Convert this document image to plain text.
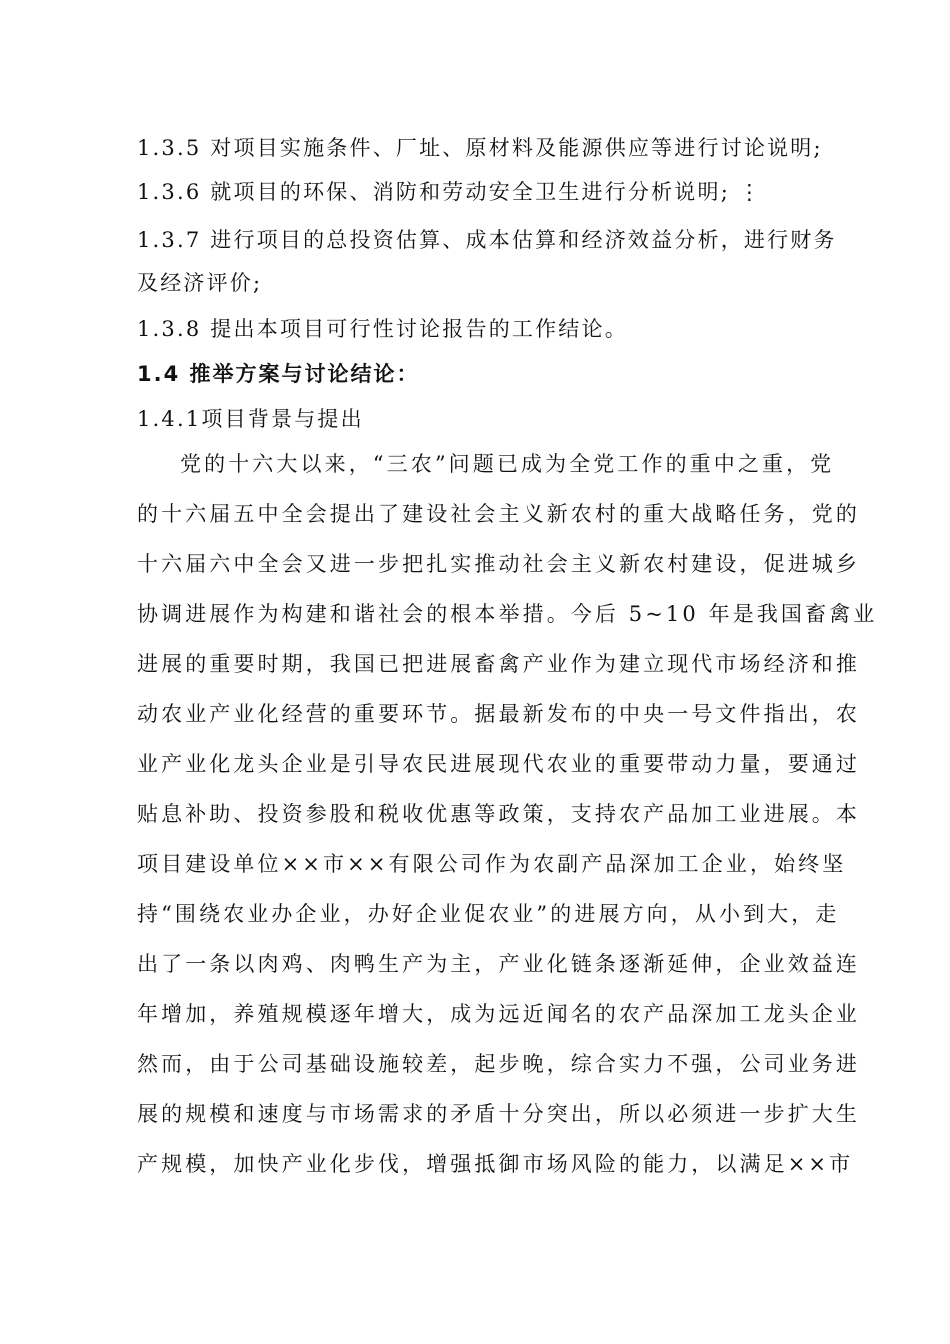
1.3.5 对项目实施条件、厂址、原材料及能源供应等进行讨论说明;
1.3.6 就项目的环保、消防和劳动安全卫生进行分析说明; ⋮
1.3.7 进行项目的总投资估算、成本估算和经济效益分析，进行财务
及经济评价;
1.3.8 提出本项目可行性讨论报告的工作结论。
1.4 推举方案与讨论结论：
1.4.1项目背景与提出
党的十六大以来，“三农”问题已成为全党工作的重中之重，党
的十六届五中全会提出了建设社会主义新农村的重大战略任务，党的
十六届六中全会又进一步把扎实推动社会主义新农村建设，促进城乡
协调进展作为构建和谐社会的根本举措。今后 5~10 年是我国畜禽业
进展的重要时期，我国已把进展畜禽产业作为建立现代市场经济和推
动农业产业化经营的重要环节。据最新发布的中央一号文件指出，农
业产业化龙头企业是引导农民进展现代农业的重要带动力量，要通过
贴息补助、投资参股和税收优惠等政策，支持农产品加工业进展。本
项目建设单位××市××有限公司作为农副产品深加工企业，始终坚
持“围绕农业办企业，办好企业促农业”的进展方向，从小到大，走
出了一条以肉鸡、肉鸭生产为主，产业化链条逐渐延伸，企业效益连
年增加，养殖规模逐年增大，成为远近闻名的农产品深加工龙头企业
然而，由于公司基础设施较差，起步晚，综合实力不强，公司业务进
展的规模和速度与市场需求的矛盾十分突出，所以必须进一步扩大生
产规模，加快产业化步伐，增强抵御市场风险的能力，以满足××市
